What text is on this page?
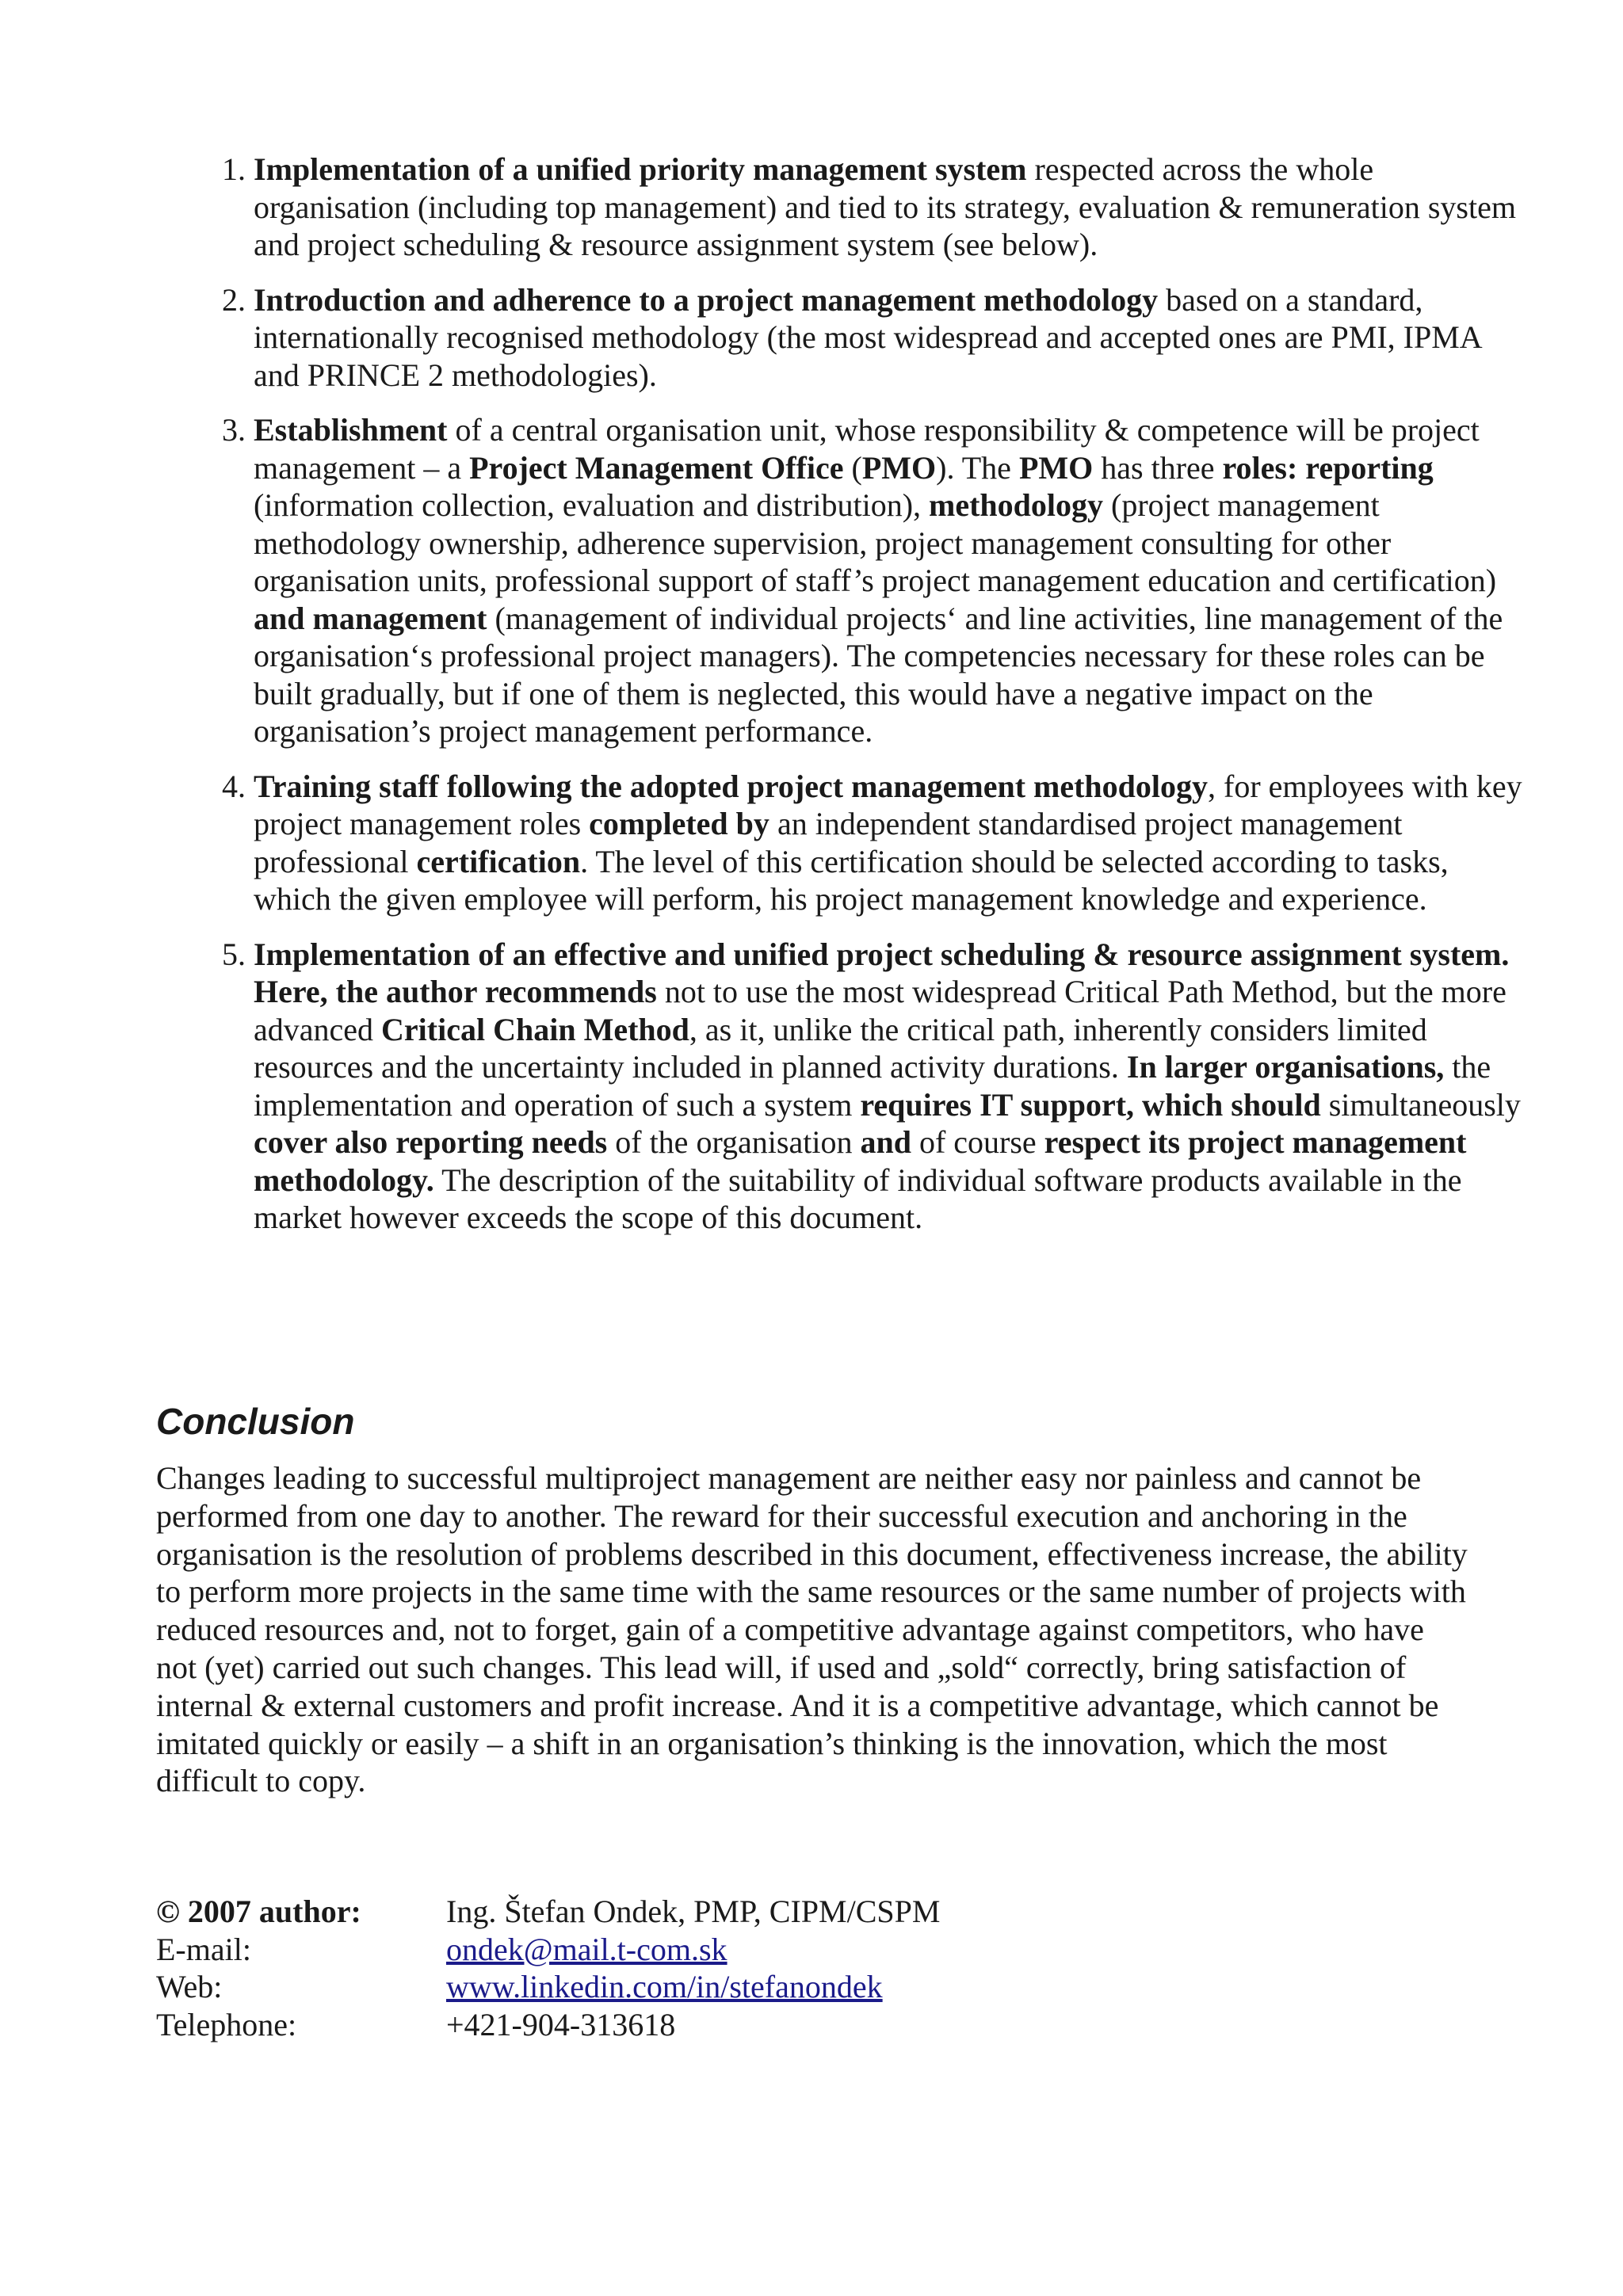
1. Implementation of a unified priority management system respected across the whole organisation (including top management) and tied to its strategy, evaluation & remuneration system and project scheduling & resource assignment system (see below).
2. Introduction and adherence to a project management methodology based on a standard, internationally recognised methodology (the most widespread and accepted ones are PMI, IPMA and PRINCE 2 methodologies).
3. Establishment of a central organisation unit, whose responsibility & competence will be project management – a Project Management Office (PMO). The PMO has three roles: reporting (information collection, evaluation and distribution), methodology (project management methodology ownership, adherence supervision, project management consulting for other organisation units, professional support of staff’s project management education and certification) and management (management of individual projects‘ and line activities, line management of the organisation‘s professional project managers). The competencies necessary for these roles can be built gradually, but if one of them is neglected, this would have a negative impact on the organisation’s project management performance.
4. Training staff following the adopted project management methodology, for employees with key project management roles completed by an independent standardised project management professional certification. The level of this certification should be selected according to tasks, which the given employee will perform, his project management knowledge and experience.
5. Implementation of an effective and unified project scheduling & resource assignment system. Here, the author recommends not to use the most widespread Critical Path Method, but the more advanced Critical Chain Method, as it, unlike the critical path, inherently considers limited resources and the uncertainty included in planned activity durations. In larger organisations, the implementation and operation of such a system requires IT support, which should simultaneously cover also reporting needs of the organisation and of course respect its project management methodology. The description of the suitability of individual software products available in the market however exceeds the scope of this document.
Conclusion

Changes leading to successful multiproject management are neither easy nor painless and cannot be performed from one day to another. The reward for their successful execution and anchoring in the organisation is the resolution of problems described in this document, effectiveness increase, the ability to perform more projects in the same time with the same resources or the same number of projects with reduced resources and, not to forget, gain of a competitive advantage against competitors, who have not (yet) carried out such changes. This lead will, if used and „sold“ correctly, bring satisfaction of internal & external customers and profit increase. And it is a competitive advantage, which cannot be imitated quickly or easily – a shift in an organisation’s thinking is the innovation, which the most difficult to copy.

© 2007 author:	Ing. Štefan Ondek, PMP, CIPM/CSPM
E-mail:	ondek@mail.t-com.sk
Web:	www.linkedin.com/in/stefanondek
Telephone:	+421-904-313618
